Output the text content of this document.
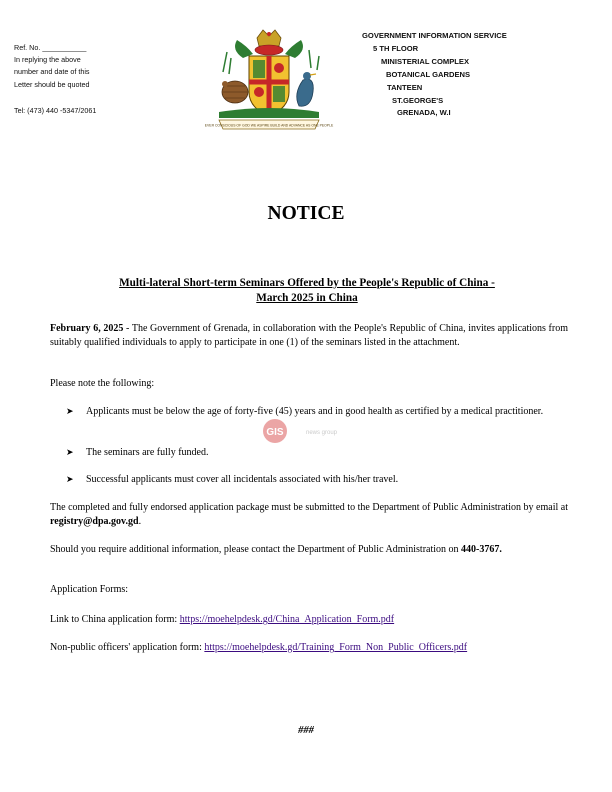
Ref. No. ___________
In replying the above
number and date of this
Letter should be quoted
Tel: (473) 440 -5347/2061
EVER CONSCIOUS OF GOD WE ASPIRE BUILD AND ADVANCE AS ONE PEOPLE
GOVERNMENT INFORMATION SERVICE
5 TH FLOOR
MINISTERIAL COMPLEX
BOTANICAL GARDENS
TANTEEN
ST.GEORGE'S
GRENADA, W.I
NOTICE
Multi-lateral Short-term Seminars Offered by the People's Republic of China -
March 2025 in China
February 6, 2025 - The Government of Grenada, in collaboration with the People's Republic of China, invites applications from suitably qualified individuals to apply to participate in one (1) of the seminars listed in the attachment.
Please note the following:
➤ Applicants must be below the age of forty-five (45) years and in good health as certified by a medical practitioner.
➤ The seminars are fully funded.
➤ Successful applicants must cover all incidentals associated with his/her travel.
GIS	news group
The completed and fully endorsed application package must be submitted to the Department of Public Administration by email at registry@dpa.gov.gd.
Should you require additional information, please contact the Department of Public Administration on 440-3767.
Application Forms:
Link to China application form: https://moehelpdesk.gd/China_Application_Form.pdf
Non-public officers' application form: https://moehelpdesk.gd/Training_Form_Non_Public_Officers.pdf
###
